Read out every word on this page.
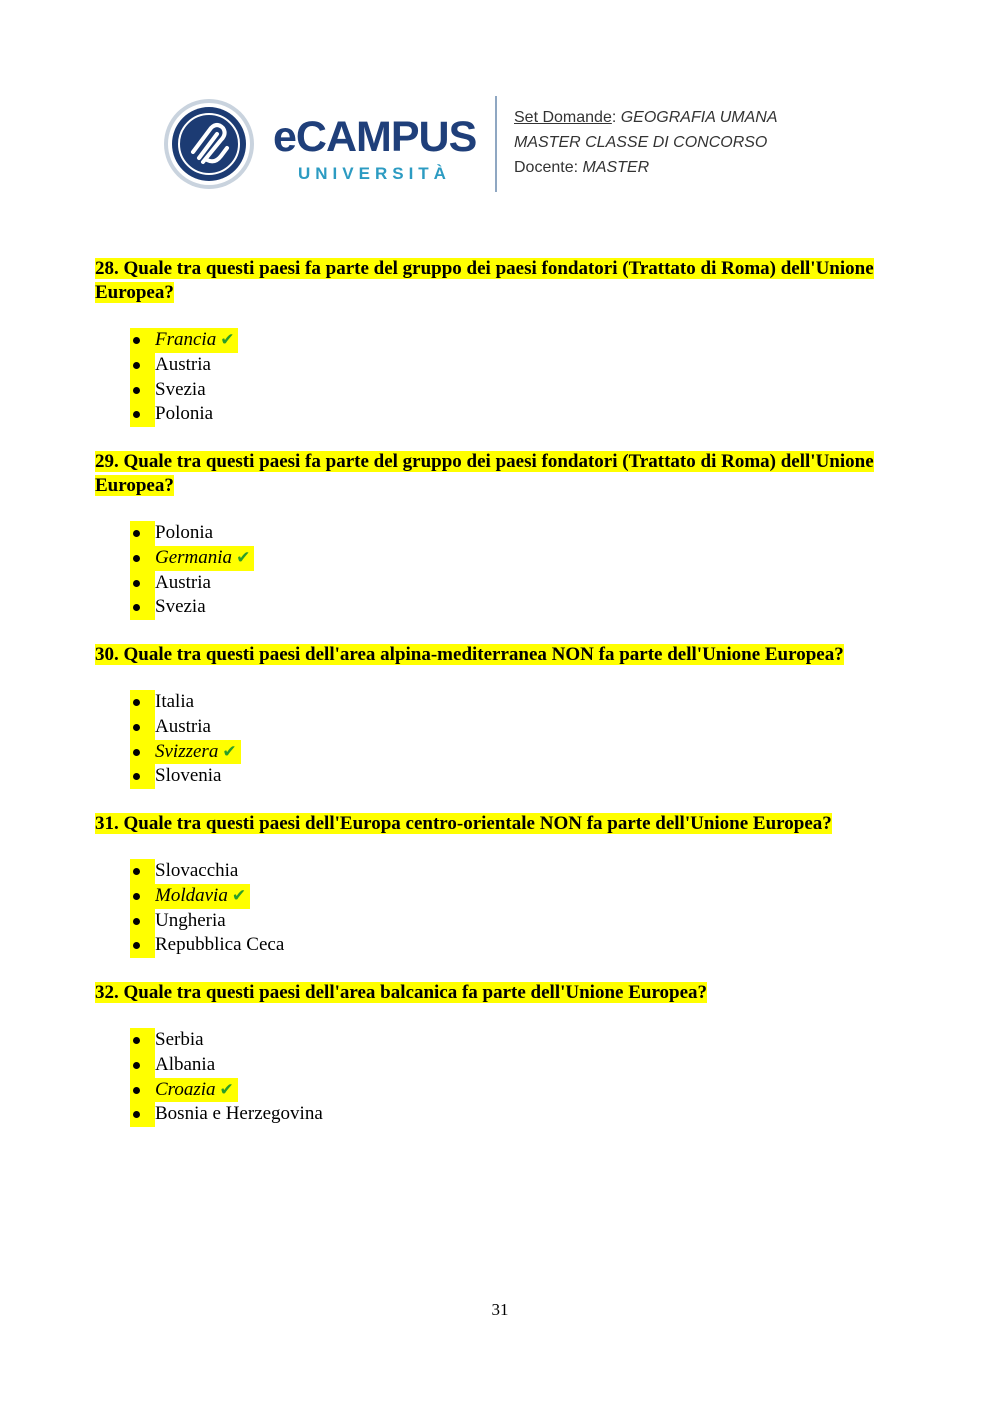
eCAMPUS
UNIVERSITÀ
Set Domande: GEOGRAFIA UMANA
MASTER CLASSE DI CONCORSO
Docente: MASTER
28. Quale tra questi paesi fa parte del gruppo dei paesi fondatori (Trattato di Roma) dell'Unione Europea?
Francia ✔
Austria
Svezia
Polonia
29. Quale tra questi paesi fa parte del gruppo dei paesi fondatori (Trattato di Roma) dell'Unione Europea?
Polonia
Germania ✔
Austria
Svezia
30. Quale tra questi paesi dell'area alpina-mediterranea NON fa parte dell'Unione Europea?
Italia
Austria
Svizzera ✔
Slovenia
31. Quale tra questi paesi dell'Europa centro-orientale NON fa parte dell'Unione Europea?
Slovacchia
Moldavia ✔
Ungheria
Repubblica Ceca
32. Quale tra questi paesi dell'area balcanica fa parte dell'Unione Europea?
Serbia
Albania
Croazia ✔
Bosnia e Herzegovina
31
